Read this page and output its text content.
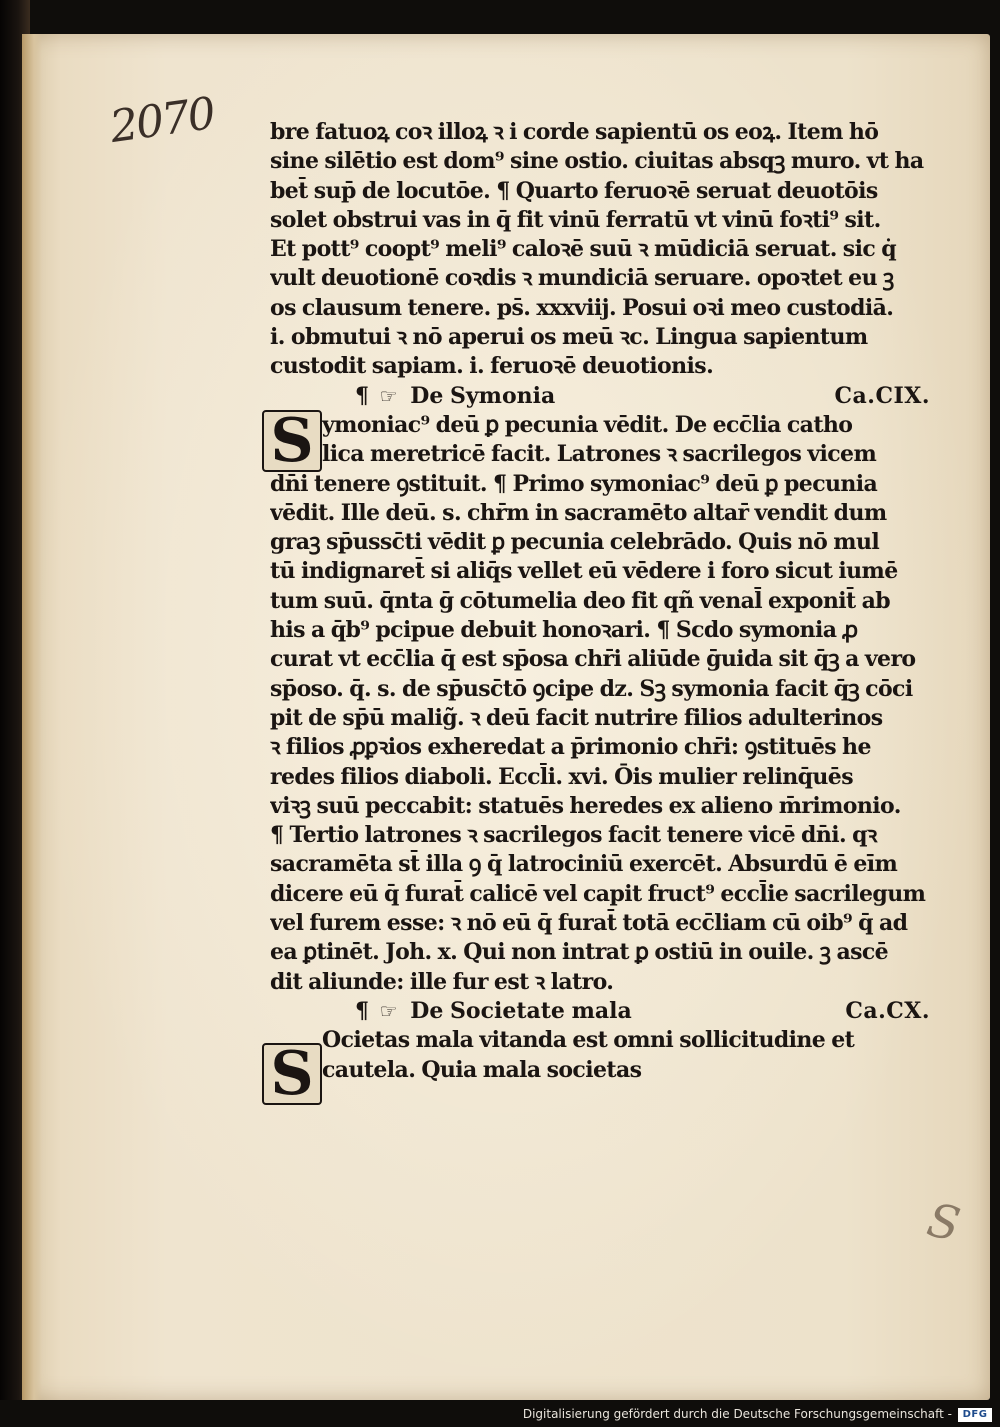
2070
S
S
bre fatuoꝝ coꝛ illoꝝ ꝛ i corde sapientū os eoꝝ. Item hō
sine silētio est dom⁹ sine ostio. ciuitas absqꝫ muro. vt ha
bet̄ sup̄ de locutōe. ¶ Quarto feruoꝛē seruat deuotōis
solet obstrui vas in q̄ fit vinū ferratū vt vinū foꝛti⁹ sit.
Et pott⁹ coopt⁹ meli⁹ caloꝛē suū ꝛ mūdiciā seruat. sic q̇
vult deuotionē coꝛdis ꝛ mundiciā seruare. opoꝛtet eu ꝫ
os clausum tenere. ps̄. xxxviij. Posui oꝛi meo custodiā.
i. obmutui ꝛ nō aperui os meū ꝛc. Lingua sapientum
custodit sapiam. i. feruoꝛē deuotionis.
¶ ☞ De Symonia	Ca.CIX.
ymoniac⁹ deū ꝑ pecunia vēdit. De ecc̄lia catho
lica meretricē facit. Latrones ꝛ sacrilegos vicem
dn̄i tenere ꝯstituit. ¶ Primo symoniac⁹ deū ꝑ pecunia
vēdit. Ille deū. s. chr̄m in sacramēto altar̄ vendit dum
graꝫ sp̄ussc̄ti vēdit ꝑ pecunia celebrādo. Quis nō mul
tū indignaret̄ si aliq̄s vellet eū vēdere i foro sicut iumē
tum suū. q̄nta ḡ cōtumelia deo fit qñ venal̄ exponit̄ ab
his a q̄b⁹ pcipue debuit honoꝛari. ¶ Scdo symonia ꝓ
curat vt ecc̄lia q̄ est sp̄osa chr̄i aliūde ḡuida sit q̄ꝫ a vero
sp̄oso. q̄. s. de sp̄usc̄tō ꝯcipe dz. Sꝫ symonia facit q̄ꝫ cōci
pit de sp̄ū malig̃. ꝛ deū facit nutrire filios adulterinos
ꝛ filios ꝓꝑꝛios exheredat a p̄rimonio chr̄i: ꝯstituēs he
redes filios diaboli. Eccl̄i. xvi. Ōis mulier relinq̄uēs
viꝛꝫ suū peccabit: statuēs heredes ex alieno m̄rimonio.
¶ Tertio latrones ꝛ sacrilegos facit tenere vicē dn̄i. qꝛ
sacramēta st̄ illa ꝯ q̄ latrociniū exercēt. Absurdū ē eīm
dicere eū q̄ furat̄ calicē vel capit fruct⁹ eccl̄ie sacrilegum
vel furem esse: ꝛ nō eū q̄ furat̄ totā ecc̄liam cū oib⁹ q̄ ad
ea ꝑtinēt. Joh. x. Qui non intrat ꝑ ostiū in ouile. ꝫ ascē
dit aliunde: ille fur est ꝛ latro.
¶ ☞ De Societate mala	Ca.CX.
Ocietas mala vitanda est omni sollicitudine et
cautela. Quia mala societas
S
Digitalisierung gefördert durch die Deutsche Forschungsgemeinschaft -	DFG
